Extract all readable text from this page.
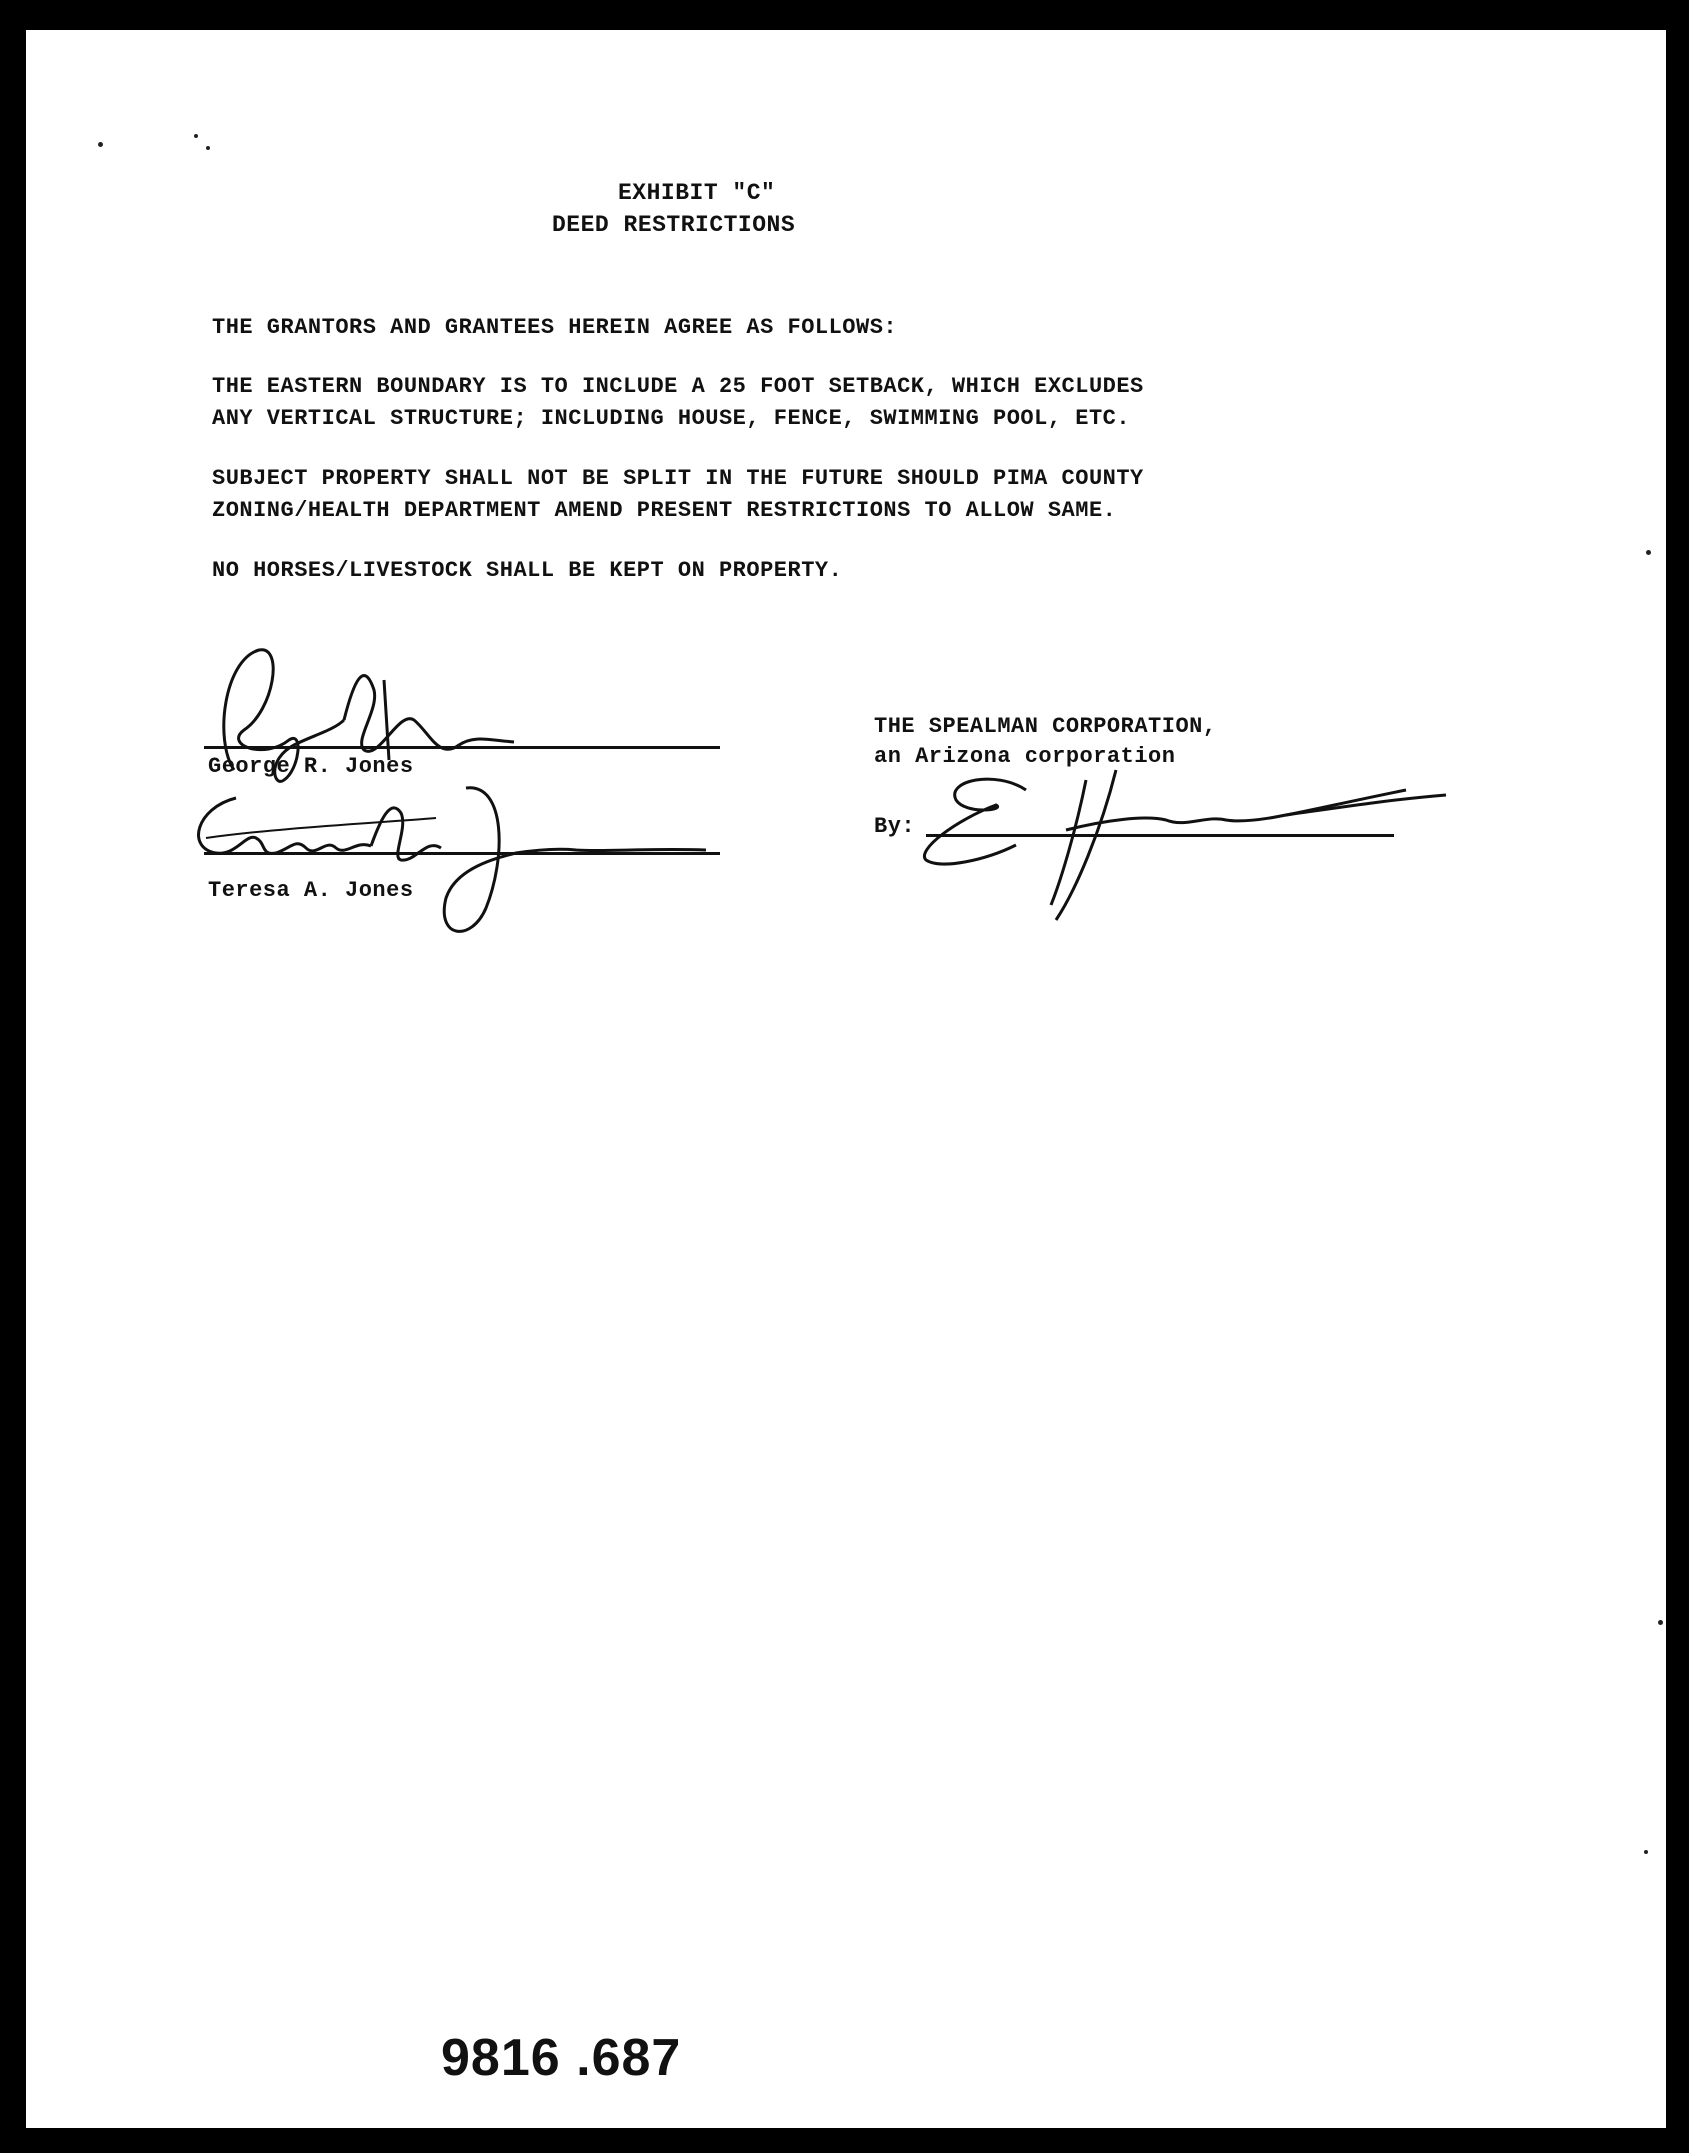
EXHIBIT "C"
DEED RESTRICTIONS
THE GRANTORS AND GRANTEES HEREIN AGREE AS FOLLOWS:
THE EASTERN BOUNDARY IS TO INCLUDE A 25 FOOT SETBACK, WHICH EXCLUDES
ANY VERTICAL STRUCTURE; INCLUDING HOUSE, FENCE, SWIMMING POOL, ETC.
SUBJECT PROPERTY SHALL NOT BE SPLIT IN THE FUTURE SHOULD PIMA COUNTY
ZONING/HEALTH DEPARTMENT AMEND PRESENT RESTRICTIONS TO ALLOW SAME.
NO HORSES/LIVESTOCK SHALL BE KEPT ON PROPERTY.
George R. Jones
Teresa A. Jones
THE SPEALMAN CORPORATION,
an Arizona corporation
By:
9816 .687
